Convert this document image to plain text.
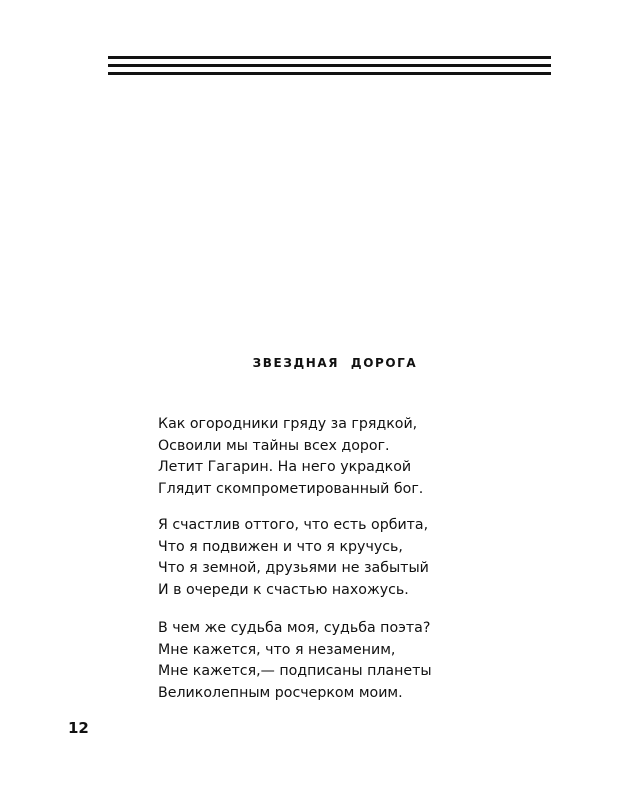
ЗВЕЗДНАЯ ДОРОГА
Как огородники гряду за грядкой,
Освоили мы тайны всех дорог.
Летит Гагарин. На него украдкой
Глядит скомпрометированный бог.
Я счастлив оттого, что есть орбита,
Что я подвижен и что я кручусь,
Что я земной, друзьями не забытый
И в очереди к счастью нахожусь.
В чем же судьба моя, судьба поэта?
Мне кажется, что я незаменим,
Мне кажется,— подписаны планеты
Великолепным росчерком моим.
12
